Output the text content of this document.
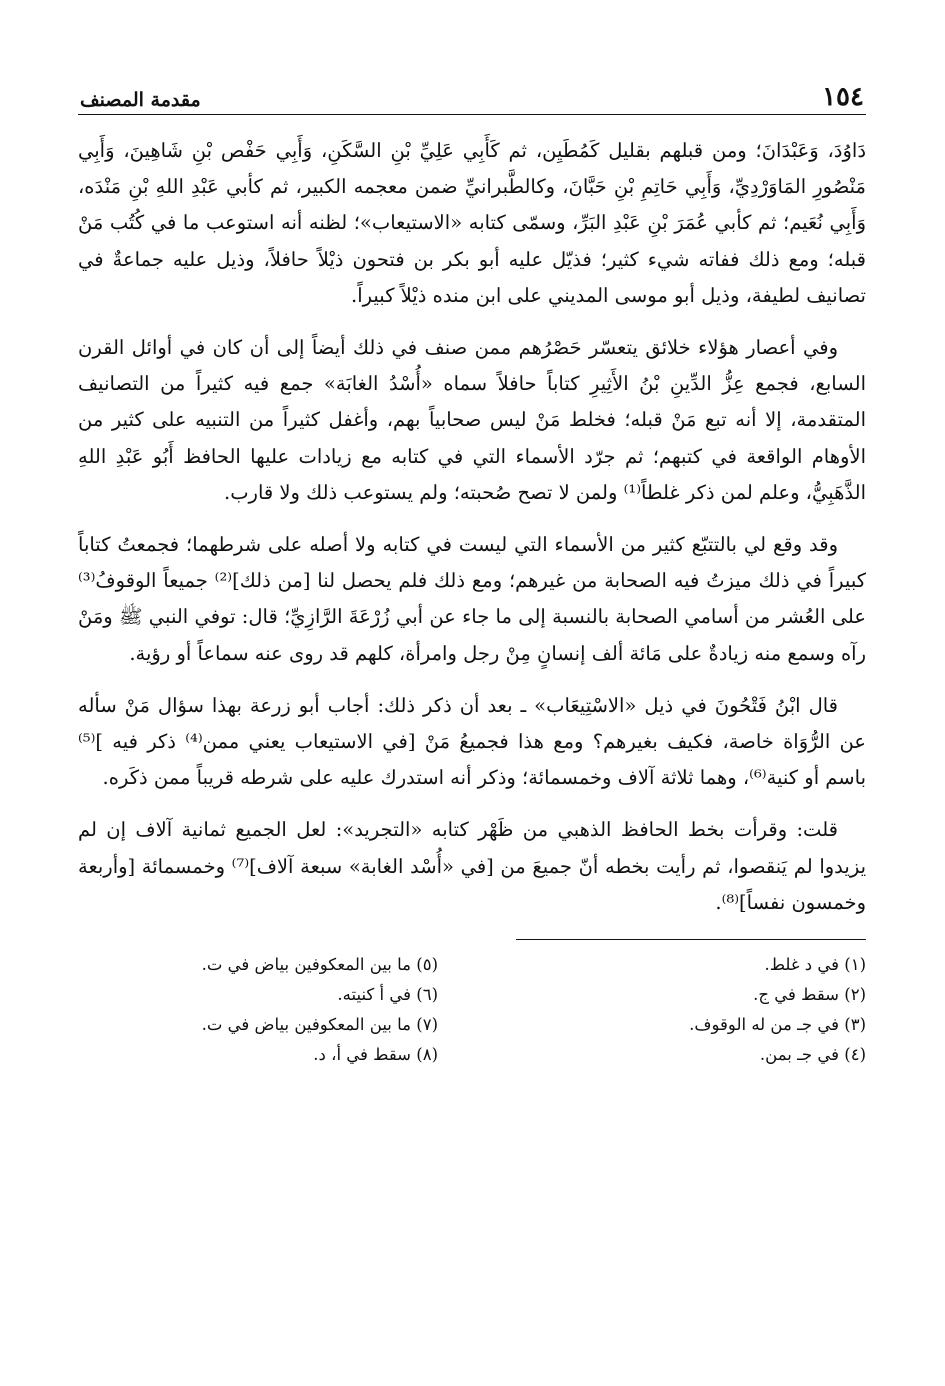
١٥٤
مقدمة المصنف

دَاوُدَ، وَعَبْدَانَ؛ ومن قبلهم بقليل كَمُطَيِن، ثم كَأَبِي عَلِيِّ بْنِ السَّكَنِ، وَأَبِي حَفْص بْنِ شَاهِينَ، وَأَبِي مَنْصُورِ المَاوَرْدِيِّ، وَأَبِي حَاتِمِ بْنِ حَبَّانَ، وكالطَّبرانيِّ ضمن معجمه الكبير، ثم كأبي عَبْدِ اللهِ بْنِ مَنْدَه، وَأَبِي نُعَيم؛ ثم كأبي عُمَرَ بْنِ عَبْدِ البَرِّ، وسمّى كتابه «الاستيعاب»؛ لظنه أنه استوعب ما في كُتُب مَنْ قبله؛ ومع ذلك ففاته شيء كثير؛ فذيّل عليه أبو بكر بن فتحون ذيْلاً حافلاً، وذيل عليه جماعةٌ في تصانيف لطيفة، وذيل أبو موسى المديني على ابن منده ذيْلاً كبيراً.

وفي أعصار هؤلاء خلائق يتعسّر حَصْرُهم ممن صنف في ذلك أيضاً إلى أن كان في أوائل القرن السابع، فجمع عِزُّ الدِّينِ بْنُ الأَثِيرِ كتاباً حافلاً سماه «أُسْدُ الغابَة» جمع فيه كثيراً من التصانيف المتقدمة، إلا أنه تبع مَنْ قبله؛ فخلط مَنْ ليس صحابياً بهم، وأغفل كثيراً من التنبيه على كثير من الأوهام الواقعة في كتبهم؛ ثم جرّد الأسماء التي في كتابه مع زيادات عليها الحافظ أَبُو عَبْدِ اللهِ الذَّهَبِيُّ، وعلم لمن ذكر غلطاً⁽¹⁾ ولمن لا تصح صُحبته؛ ولم يستوعب ذلك ولا قارب.

وقد وقع لي بالتتبّع كثير من الأسماء التي ليست في كتابه ولا أصله على شرطهما؛ فجمعتُ كتاباً كبيراً في ذلك ميزتُ فيه الصحابة من غيرهم؛ ومع ذلك فلم يحصل لنا [من ذلك]⁽²⁾ جميعاً الوقوفُ⁽³⁾ على العُشر من أسامي الصحابة بالنسبة إلى ما جاء عن أبي زُرْعَةَ الرَّازِيِّ؛ قال: توفي النبي ﷺ ومَنْ رآه وسمع منه زيادةٌ على مَائة ألف إنسانٍ مِنْ رجل وامرأة، كلهم قد روى عنه سماعاً أو رؤية.

قال ابْنُ فَتْحُونَ في ذيل «الاسْتِيعَاب» ـ بعد أن ذكر ذلك: أجاب أبو زرعة بهذا سؤال مَنْ سأله عن الرُّوَاة خاصة، فكيف بغيرهم؟ ومع هذا فجميعُ مَنْ [في الاستيعاب يعني ممن⁽⁴⁾ ذكر فيه ]⁽⁵⁾ باسم أو كنية⁽⁶⁾، وهما ثلاثة آلاف وخمسمائة؛ وذكر أنه استدرك عليه على شرطه قريباً ممن ذكَره.

قلت: وقرأت بخط الحافظ الذهبي من ظَهْر كتابه «التجريد»: لعل الجميع ثمانية آلاف إن لم يزيدوا لم يَنقصوا، ثم رأيت بخطه أنّ جميعَ من [في «أُسْد الغابة» سبعة آلاف]⁽⁷⁾ وخمسمائة [وأربعة وخمسون نفساً]⁽⁸⁾.

(١) في د غلط.
(٢) سقط في ج.
(٣) في جـ من له الوقوف.
(٤) في جـ بمن.
(٥) ما بين المعكوفين بياض في ت.
(٦) في أ كنيته.
(٧) ما بين المعكوفين بياض في ت.
(٨) سقط في أ، د.
